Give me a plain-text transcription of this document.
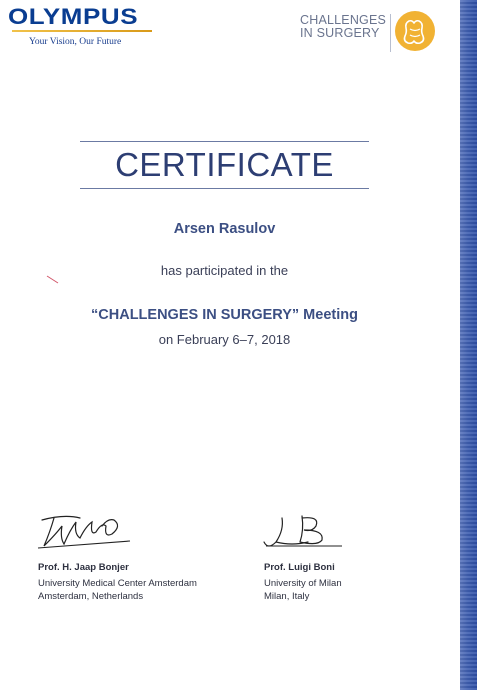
OLYMPUS
Your Vision, Our Future
CHALLENGES
IN SURGERY
CERTIFICATE
Arsen Rasulov
has participated in the
“CHALLENGES IN SURGERY” Meeting
on February 6–7, 2018
Prof. H. Jaap Bonjer
University Medical Center Amsterdam
Amsterdam, Netherlands
Prof. Luigi Boni
University of Milan
Milan, Italy
